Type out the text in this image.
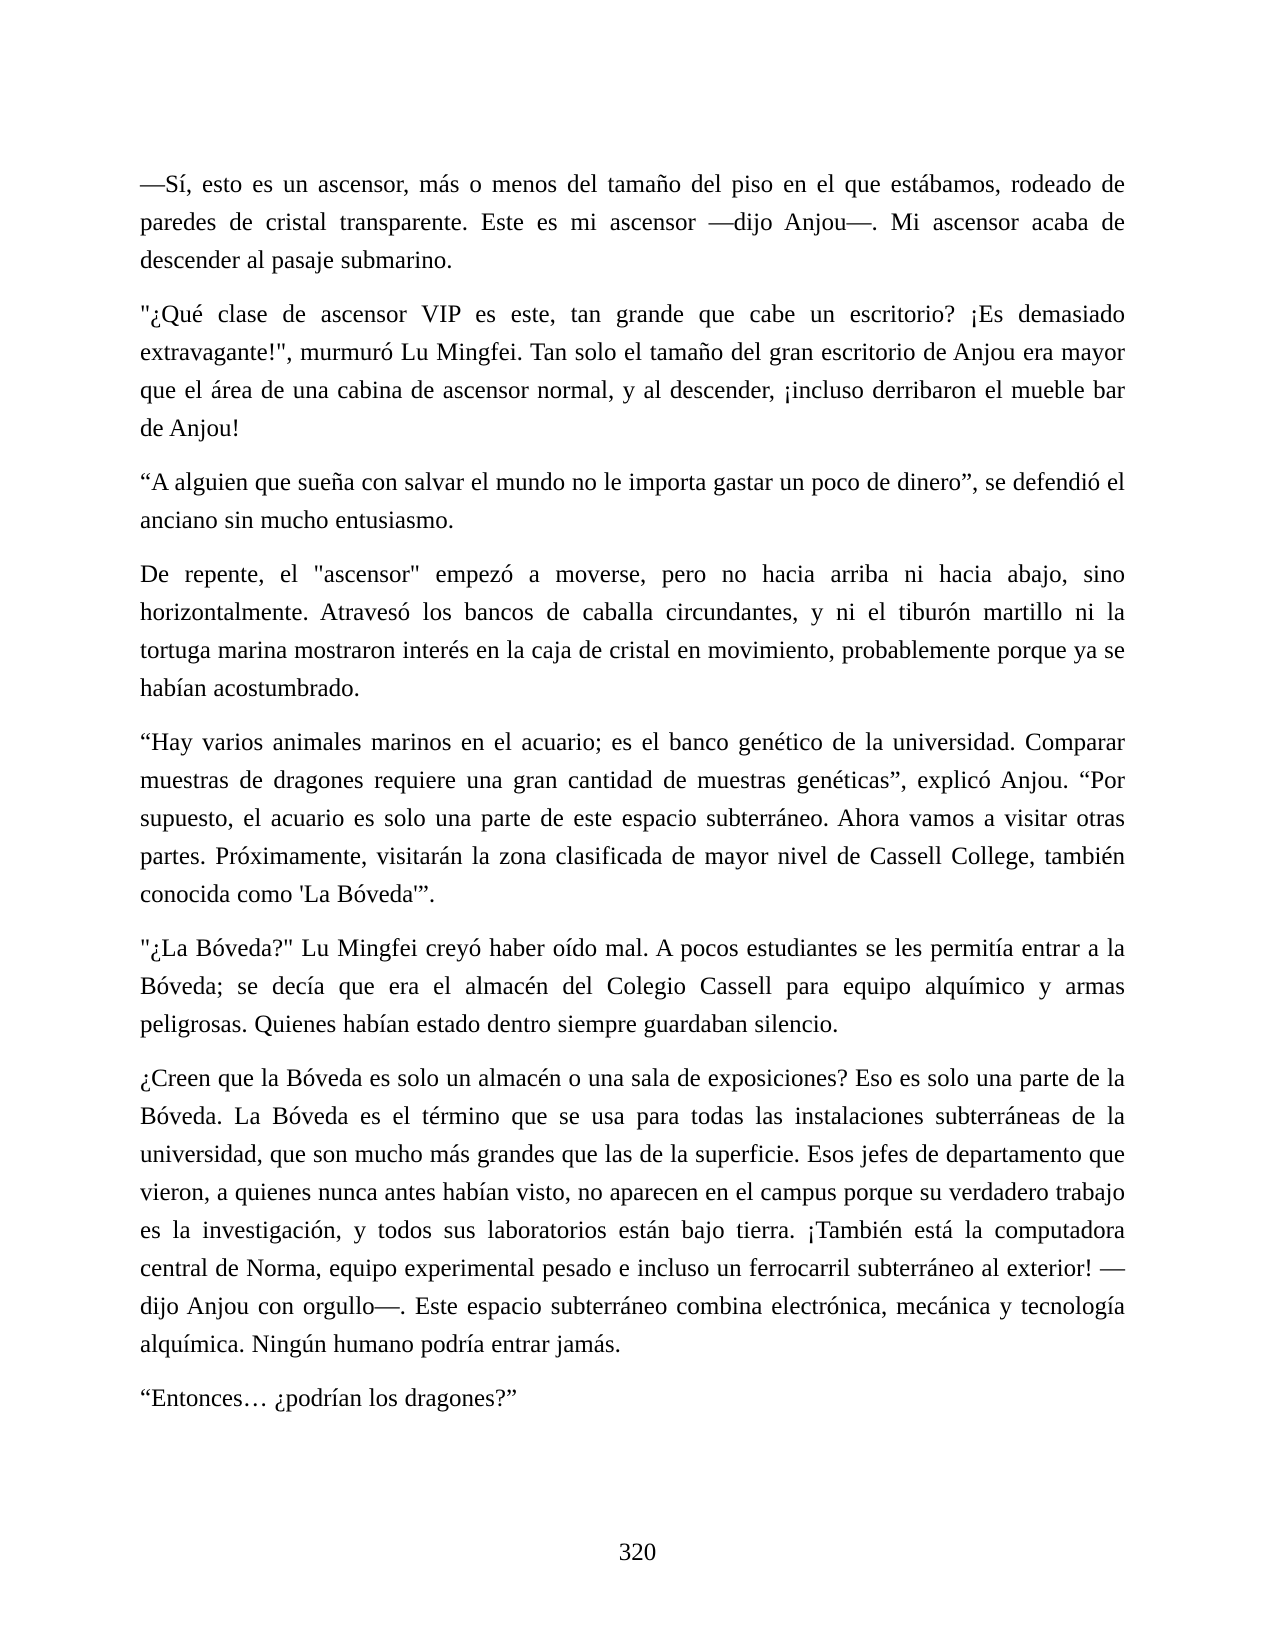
—Sí, esto es un ascensor, más o menos del tamaño del piso en el que estábamos, rodeado de paredes de cristal transparente. Este es mi ascensor —dijo Anjou—. Mi ascensor acaba de descender al pasaje submarino.

"¿Qué clase de ascensor VIP es este, tan grande que cabe un escritorio? ¡Es demasiado extravagante!", murmuró Lu Mingfei. Tan solo el tamaño del gran escritorio de Anjou era mayor que el área de una cabina de ascensor normal, y al descender, ¡incluso derribaron el mueble bar de Anjou!

“A alguien que sueña con salvar el mundo no le importa gastar un poco de dinero”, se defendió el anciano sin mucho entusiasmo.

De repente, el "ascensor" empezó a moverse, pero no hacia arriba ni hacia abajo, sino horizontalmente. Atravesó los bancos de caballa circundantes, y ni el tiburón martillo ni la tortuga marina mostraron interés en la caja de cristal en movimiento, probablemente porque ya se habían acostumbrado.

“Hay varios animales marinos en el acuario; es el banco genético de la universidad. Comparar muestras de dragones requiere una gran cantidad de muestras genéticas”, explicó Anjou. “Por supuesto, el acuario es solo una parte de este espacio subterráneo. Ahora vamos a visitar otras partes. Próximamente, visitarán la zona clasificada de mayor nivel de Cassell College, también conocida como 'La Bóveda'”.

"¿La Bóveda?" Lu Mingfei creyó haber oído mal. A pocos estudiantes se les permitía entrar a la Bóveda; se decía que era el almacén del Colegio Cassell para equipo alquímico y armas peligrosas. Quienes habían estado dentro siempre guardaban silencio.

¿Creen que la Bóveda es solo un almacén o una sala de exposiciones? Eso es solo una parte de la Bóveda. La Bóveda es el término que se usa para todas las instalaciones subterráneas de la universidad, que son mucho más grandes que las de la superficie. Esos jefes de departamento que vieron, a quienes nunca antes habían visto, no aparecen en el campus porque su verdadero trabajo es la investigación, y todos sus laboratorios están bajo tierra. ¡También está la computadora central de Norma, equipo experimental pesado e incluso un ferrocarril subterráneo al exterior! —dijo Anjou con orgullo—. Este espacio subterráneo combina electrónica, mecánica y tecnología alquímica. Ningún humano podría entrar jamás.

“Entonces… ¿podrían los dragones?”

320
